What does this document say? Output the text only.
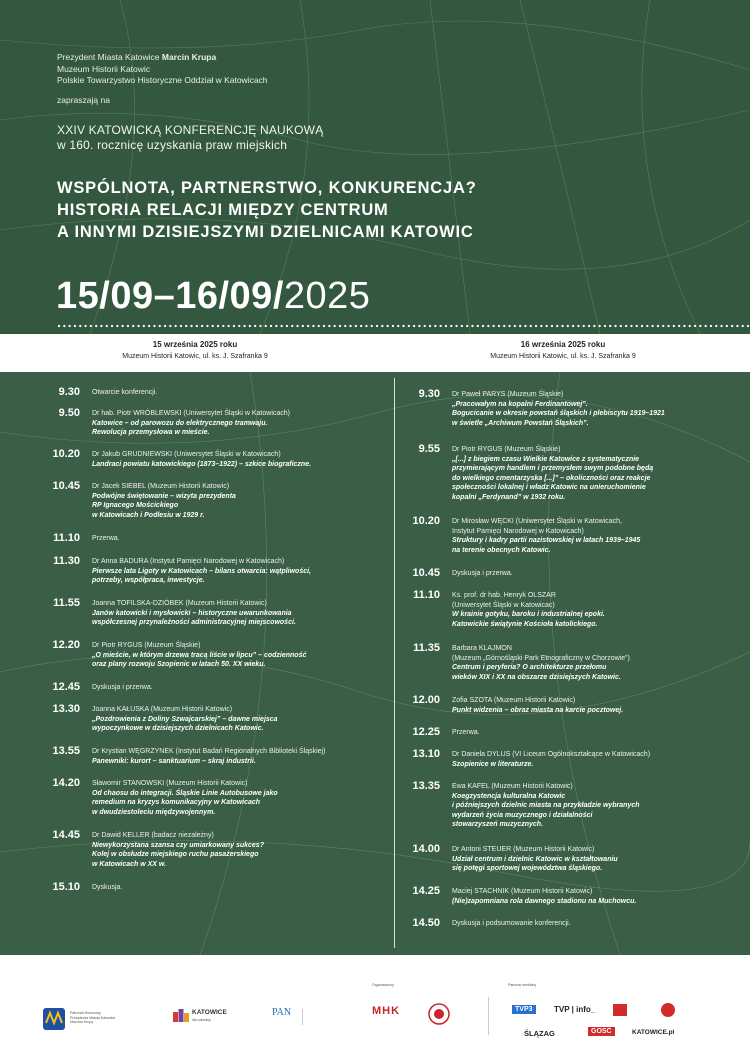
Prezydent Miasta Katowice Marcin Krupa
Muzeum Historii Katowic
Polskie Towarzystwo Historyczne Oddział w Katowicach
zapraszają na
XXIV KATOWICKĄ KONFERENCJĘ NAUKOWĄ
w 160. rocznicę uzyskania praw miejskich
WSPÓLNOTA, PARTNERSTWO, KONKURENCJA?
HISTORIA RELACJI MIĘDZY CENTRUM
A INNYMI DZISIEJSZYMI DZIELNICAMI KATOWIC
15/09–16/09/2025
15 września 2025 roku
Muzeum Historii Katowic, ul. ks. J. Szafranka 9
16 września 2025 roku
Muzeum Historii Katowic, ul. ks. J. Szafranka 9
9.30 Otwarcie konferencji.
9.50 Dr hab. Piotr WRÓBLEWSKI (Uniwersytet Śląski w Katowicach)
Katowice – od parowozu do elektrycznego tramwaju.
Rewolucja przemysłowa w mieście.
10.20 Dr Jakub GRUDNIEWSKI (Uniwersytet Śląski w Katowicach)
Landraci powiatu katowickiego (1873–1922) – szkice biograficzne.
10.45 Dr Jacek SIEBEL (Muzeum Historii Katowic)
Podwójne świętowanie – wizyta prezydenta
RP Ignacego Mościckiego
w Katowicach i Podlesiu w 1929 r.
11.10 Przerwa.
11.30 Dr Anna BADURA (Instytut Pamięci Narodowej w Katowicach)
Pierwsze lata Ligoty w Katowicach – bilans otwarcia: wątpliwości,
potrzeby, współpraca, inwestycje.
11.55 Joanna TOFILSKA-DZIÓBEK (Muzeum Historii Katowic)
Janów katowicki i mysłowicki – historyczne uwarunkowania
współczesnej przynależności administracyjnej miejscowości.
12.20 Dr Piotr RYGUS (Muzeum Śląskie)
„O mieście, w którym drzewa tracą liście w lipcu” – codzienność
oraz plany rozwoju Szopienic w latach 50. XX wieku.
12.45 Dyskusja i przerwa.
13.30 Joanna KAŁUSKA (Muzeum Historii Katowic)
„Pozdrowienia z Doliny Szwajcarskiej” – dawne miejsca
wypoczynkowe w dzisiejszych dzielnicach Katowic.
13.55 Dr Krystian WĘGRZYNEK (Instytut Badań Regionalnych Biblioteki Śląskiej)
Panewniki: kurort – sanktuarium – skraj industrii.
14.20 Sławomir STANOWSKI (Muzeum Historii Katowic)
Od chaosu do integracji. Śląskie Linie Autobusowe jako
remedium na kryzys komunikacyjny w Katowicach
w dwudziestoleciu międzywojennym.
14.45 Dr Dawid KELLER (badacz niezależny)
Niewykorzystana szansa czy umiarkowany sukces?
Kolej w obsłudze miejskiego ruchu pasażerskiego
w Katowicach w XX w.
15.10 Dyskusja.
9.30 Dr Paweł PARYS (Muzeum Śląskie)
„Pracowałym na kopalni Ferdinantowej”.
Bogucicanie w okresie powstań śląskich i plebiscytu 1919–1921
w świetle „Archiwum Powstań Śląskich”.
9.55 Dr Piotr RYGUS (Muzeum Śląskie)
„[...] z biegiem czasu Wielkie Katowice z systematycznie
przymierającym handlem i przemysłem swym podobne będą
do wielkiego cmentarzyska [...]” – okoliczności oraz reakcje
społeczności lokalnej i władz Katowic na unieruchomienie
kopalni „Ferdynand” w 1932 roku.
10.20 Dr Mirosław WĘCKI (Uniwersytet Śląski w Katowicach,
Instytut Pamięci Narodowej w Katowicach)
Struktury i kadry partii nazistowskiej w latach 1939–1945
na terenie obecnych Katowic.
10.45 Dyskusja i przerwa.
11.10 Ks. prof. dr hab. Henryk OLSZAR
(Uniwersytet Śląski w Katowicac)
W krainie gotyku, baroku i industrialnej epoki.
Katowickie świątynie Kościoła katolickiego.
11.35 Barbara KLAJMON
(Muzeum „Górnośląski Park Etnograficzny w Chorzowie”)
Centrum i peryferia? O architekturze przełomu
wieków XIX i XX na obszarze dzisiejszych Katowic.
12.00 Zofia SZOTA (Muzeum Historii Katowic)
Punkt widzenia – obraz miasta na karcie pocztowej.
12.25 Przerwa.
13.10 Dr Daniela DYLUS (VI Liceum Ogólnokształcące w Katowicach)
Szopienice w literaturze.
13.35 Ewa KAFEL (Muzeum Historii Katowic)
Koegzystencja kulturalna Katowic
i późniejszych dzielnic miasta na przykładzie wybranych
wydarzeń życia muzycznego i działalności
stowarzyszeń muzycznych.
14.00 Dr Antoni STEUER (Muzeum Historii Katowic)
Udział centrum i dzielnic Katowic w kształtowaniu
się potęgi sportowej województwa śląskiego.
14.25 Maciej STACHNIK (Muzeum Historii Katowic)
(Nie)zapomniana rola dawnego stadionu na Muchowcu.
14.50 Dyskusja i podsumowanie konferencji.
Patronat Honorowy
Prezydenta Miasta Katowice
Marcina Krupy
KATOWICE
dla odmiany
PAN
Organizatorzy
MHK
Patronat medialny
TVP3	TVP | info_
ŚLĄZAG	GOŚĆ	KATOWICE.pl
